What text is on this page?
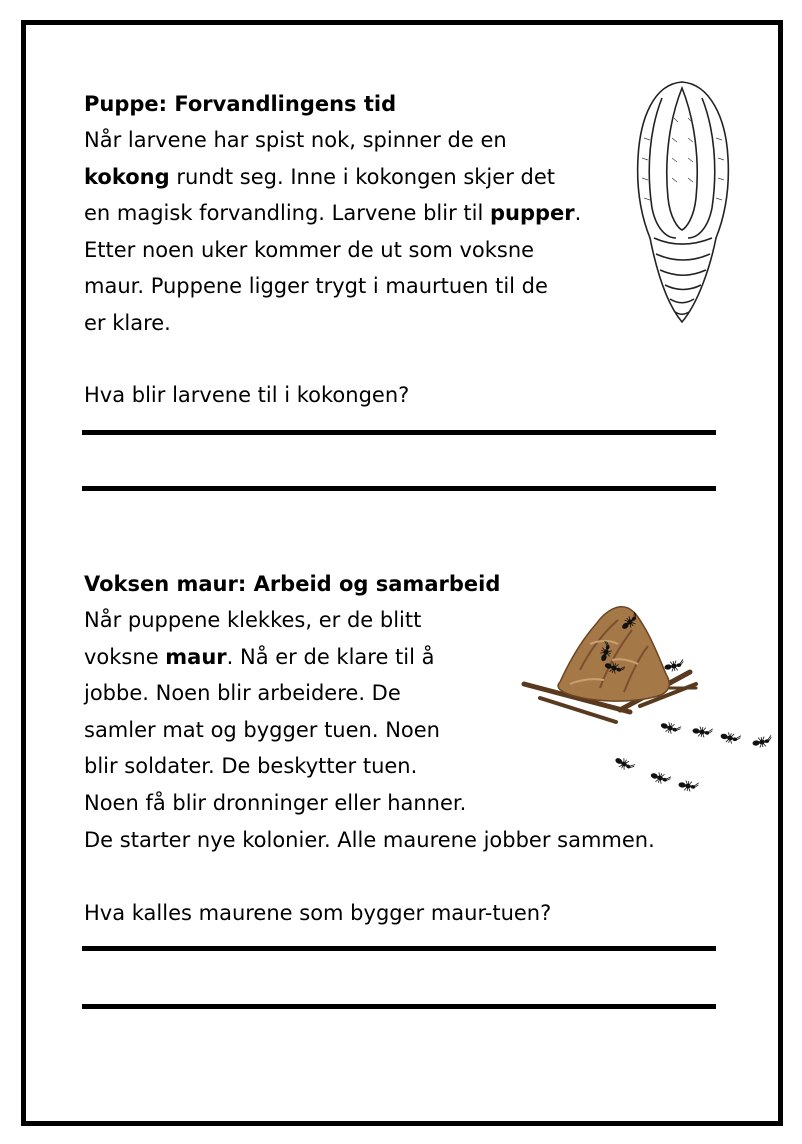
Puppe: Forvandlingens tid
Når larvene har spist nok, spinner de en
kokong rundt seg. Inne i kokongen skjer det
en magisk forvandling. Larvene blir til pupper.
Etter noen uker kommer de ut som voksne
maur. Puppene ligger trygt i maurtuen til de
er klare.
Hva blir larvene til i kokongen?
Voksen maur: Arbeid og samarbeid
Når puppene klekkes, er de blitt
voksne maur. Nå er de klare til å
jobbe. Noen blir arbeidere. De
samler mat og bygger tuen. Noen
blir soldater. De beskytter tuen.
Noen få blir dronninger eller hanner.
De starter nye kolonier. Alle maurene jobber sammen.
Hva kalles maurene som bygger maur-tuen?
